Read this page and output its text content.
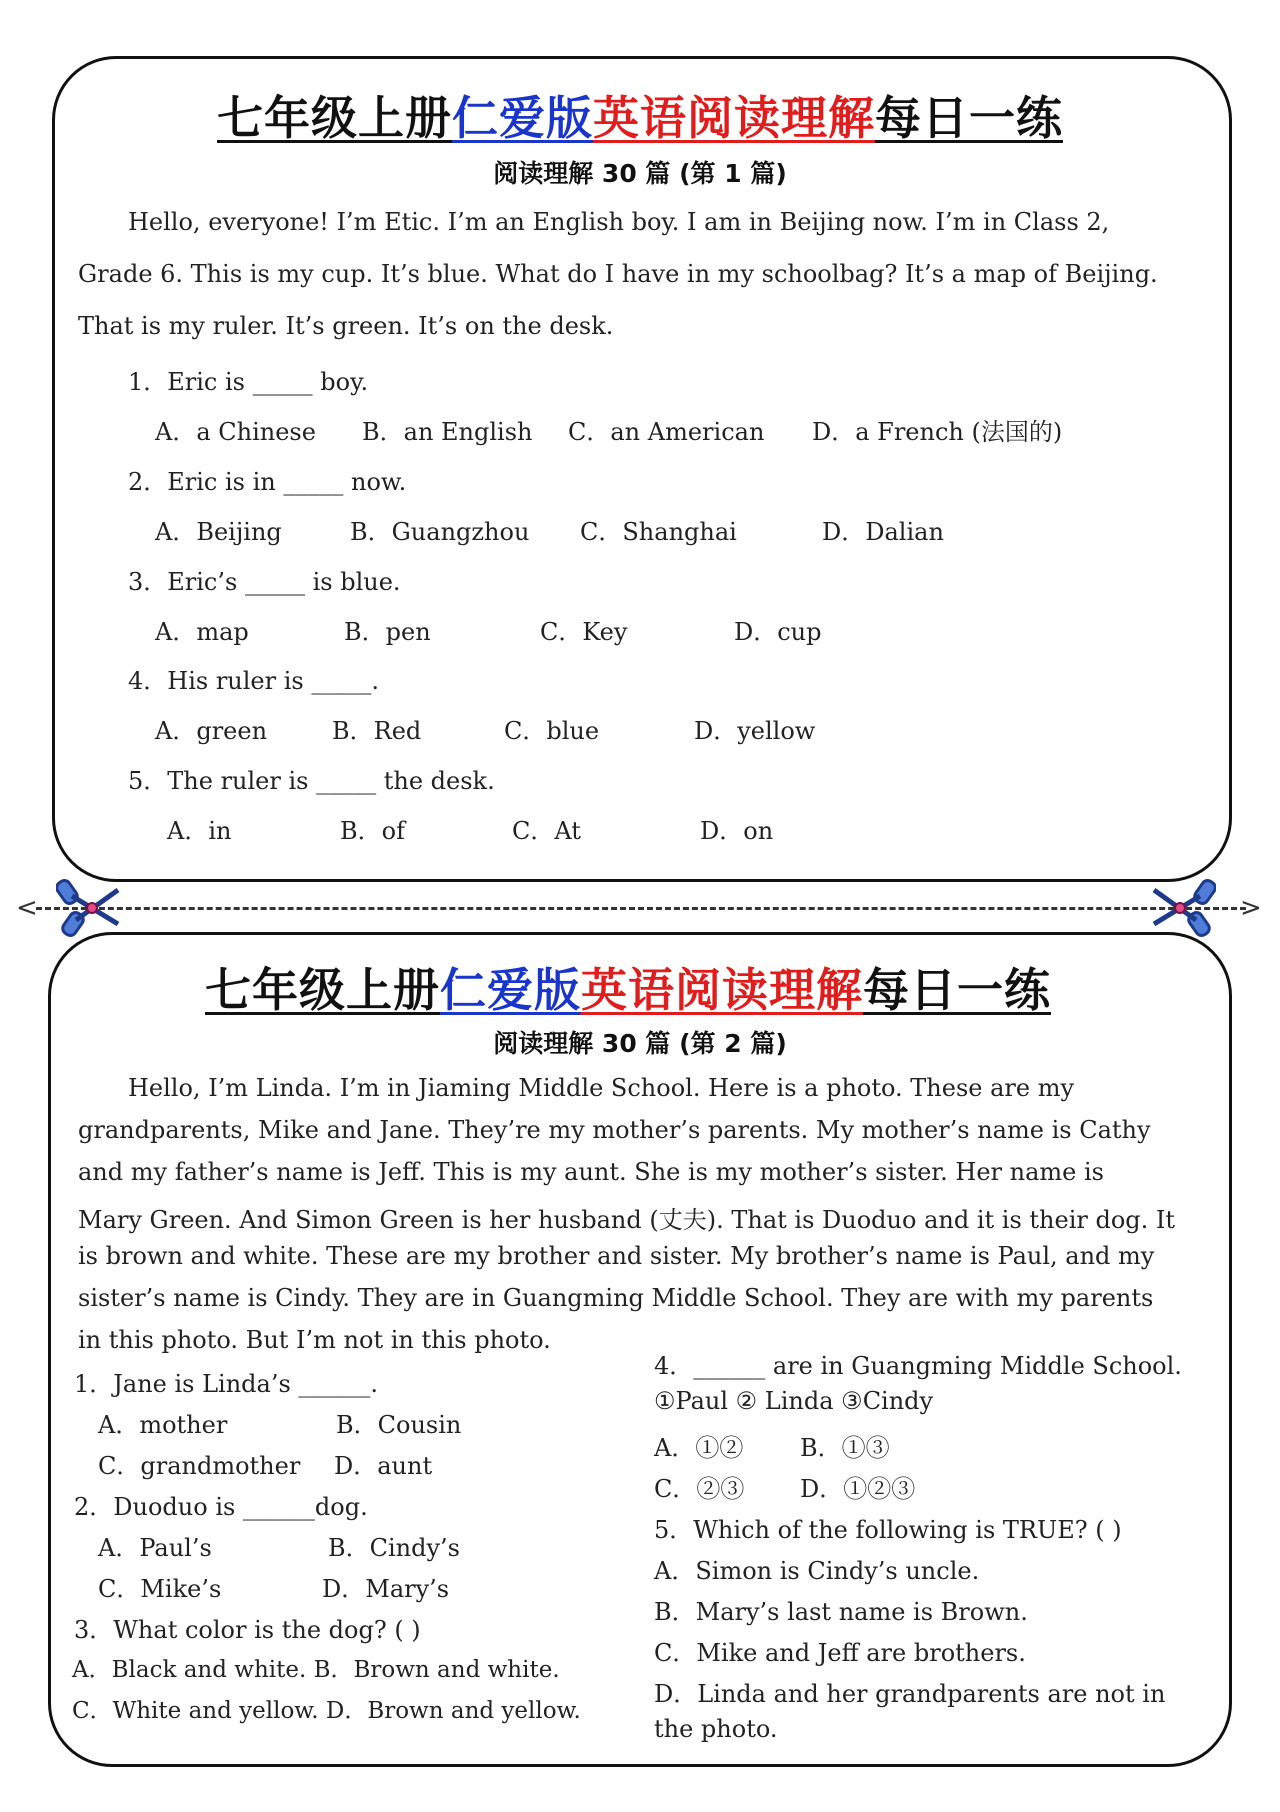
七年级上册仁爱版英语阅读理解每日一练
阅读理解 30 篇 (第 1 篇)
Hello, everyone! I’m Etic. I’m an English boy. I am in Beijing now. I’m in Class 2,
Grade 6. This is my cup. It’s blue. What do I have in my schoolbag? It’s a map of Beijing.
That is my ruler. It’s green. It’s on the desk.
1．Eric is _____ boy.
A．a Chinese B．an English C．an American D．a French (法国的)
2．Eric is in _____ now.
A．Beijing	B．Guangzhou C．Shanghai	D．Dalian
3．Eric’s _____ is blue.
A．map	B．pen	C．Key	D．cup
4．His ruler is _____.
A．green	B．Red	C．blue	D．yellow
5．The ruler is _____ the desk.
A．in	B．of	C．At	D．on
<	>
七年级上册仁爱版英语阅读理解每日一练
阅读理解 30 篇 (第 2 篇)
Hello, I’m Linda. I’m in Jiaming Middle School. Here is a photo. These are my
grandparents, Mike and Jane. They’re my mother’s parents. My mother’s name is Cathy
and my father’s name is Jeff. This is my aunt. She is my mother’s sister. Her name is
Mary Green. And Simon Green is her husband (丈夫). That is Duoduo and it is their dog. It
is brown and white. These are my brother and sister. My brother’s name is Paul, and my
sister’s name is Cindy. They are in Guangming Middle School. They are with my parents
in this photo. But I’m not in this photo.
1．Jane is Linda’s ______.
A．mother	B．Cousin
C．grandmother D．aunt
2．Duoduo is ______dog.
A．Paul’s	B．Cindy’s
C．Mike’s	D．Mary’s
3．What color is the dog? ( )
A．Black and white. B．Brown and white.
C．White and yellow. D．Brown and yellow.
4．______ are in Guangming Middle School.
①Paul ② Linda ③Cindy
A．①② B．①③
C．②③ D．①②③
5．Which of the following is TRUE? ( )
A．Simon is Cindy’s uncle.
B．Mary’s last name is Brown.
C．Mike and Jeff are brothers.
D．Linda and her grandparents are not in
the photo.
